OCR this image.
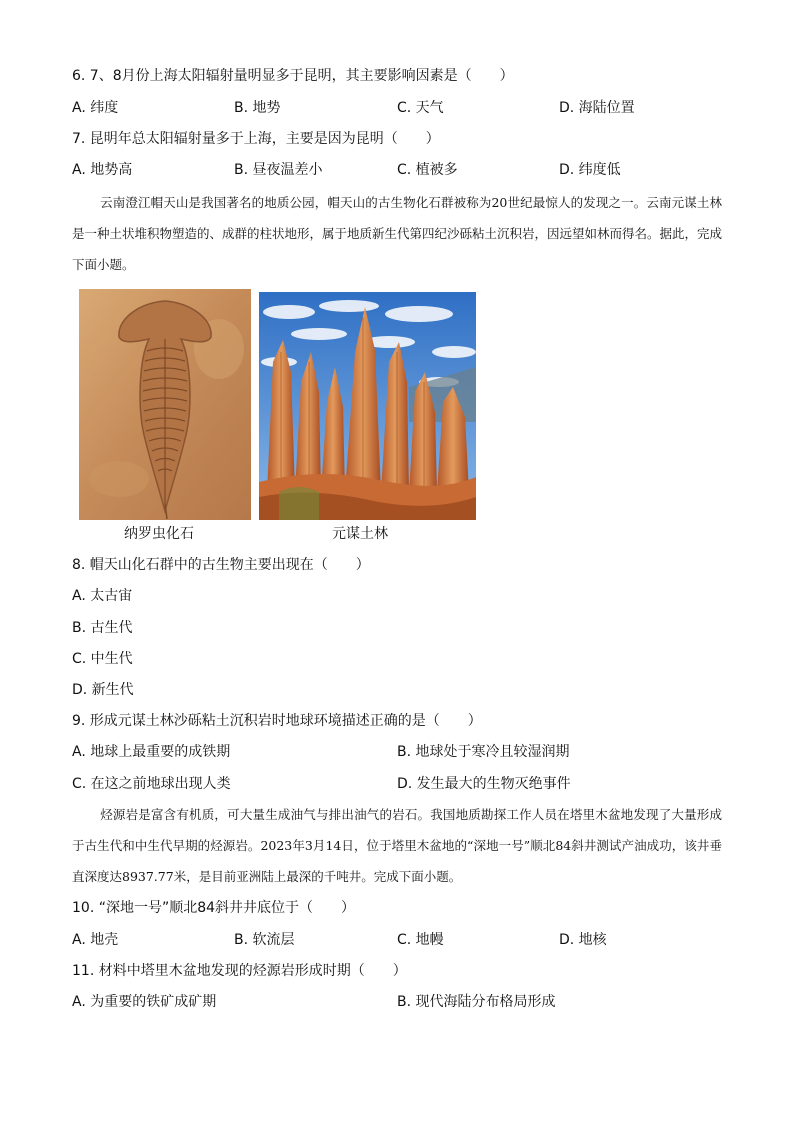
6. 7、8月份上海太阳辐射量明显多于昆明，其主要影响因素是（　　）
A. 纬度	B. 地势	C. 天气	D. 海陆位置
7. 昆明年总太阳辐射量多于上海，主要是因为昆明（　　）
A. 地势高	B. 昼夜温差小	C. 植被多	D. 纬度低
云南澄江帽天山是我国著名的地质公园，帽天山的古生物化石群被称为20世纪最惊人的发现之一。云南元谋土林是一种土状堆积物塑造的、成群的柱状地形，属于地质新生代第四纪沙砾粘土沉积岩，因远望如林而得名。据此，完成下面小题。
纳罗虫化石	元谋土林
8. 帽天山化石群中的古生物主要出现在（　　）
A. 太古宙
B. 古生代
C. 中生代
D. 新生代
9. 形成元谋土林沙砾粘土沉积岩时地球环境描述正确的是（　　）
A. 地球上最重要的成铁期	B. 地球处于寒冷且较湿润期
C. 在这之前地球出现人类	D. 发生最大的生物灭绝事件
烃源岩是富含有机质，可大量生成油气与排出油气的岩石。我国地质勘探工作人员在塔里木盆地发现了大量形成于古生代和中生代早期的烃源岩。2023年3月14日，位于塔里木盆地的“深地一号”顺北84斜井测试产油成功，该井垂直深度达8937.77米，是目前亚洲陆上最深的千吨井。完成下面小题。
10. “深地一号”顺北84斜井井底位于（　　）
A. 地壳	B. 软流层	C. 地幔	D. 地核
11. 材料中塔里木盆地发现的烃源岩形成时期（　　）
A. 为重要的铁矿成矿期	B. 现代海陆分布格局形成
